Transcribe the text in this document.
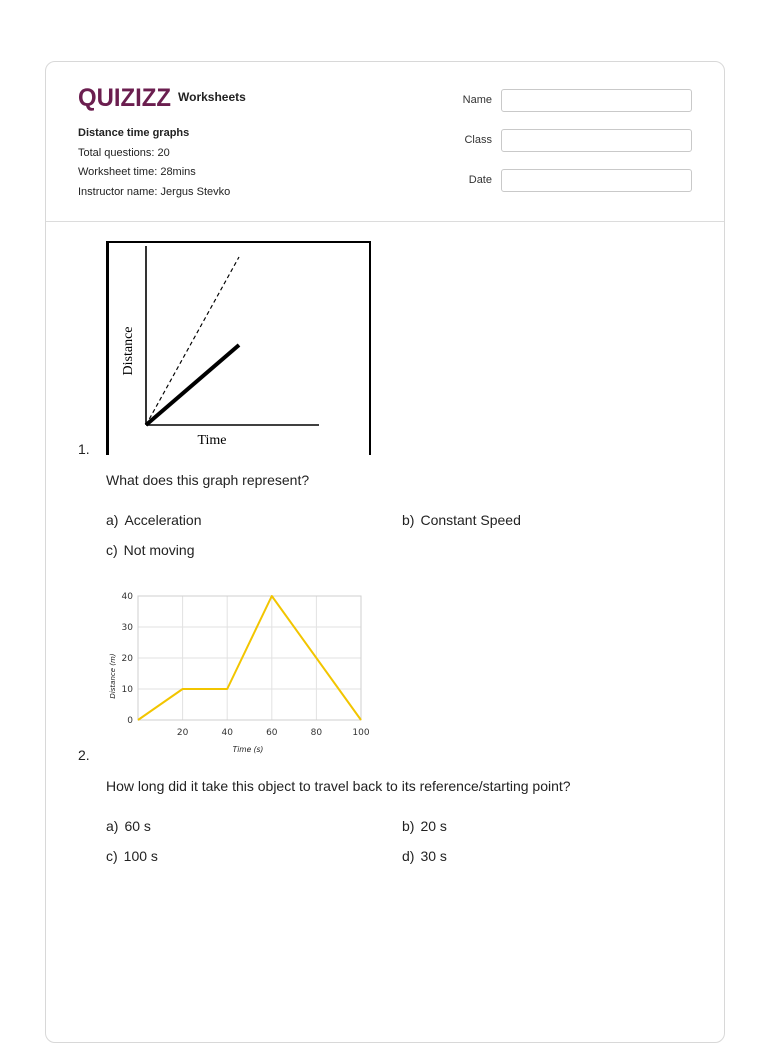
QUIZIZZ Worksheets
Distance time graphs
Total questions: 20
Worksheet time: 28mins
Instructor name: Jergus Stevko
Name
Class
Date
Time
Distance
1.
What does this graph represent?
a) Acceleration	b) Constant Speed
c) Not moving
20	40	60	80	100
0
10
20
30
40
Time (s)
Distance (m)
2.
How long did it take this object to travel back to its reference/starting point?
a) 60 s	b) 20 s
c) 100 s	d) 30 s
